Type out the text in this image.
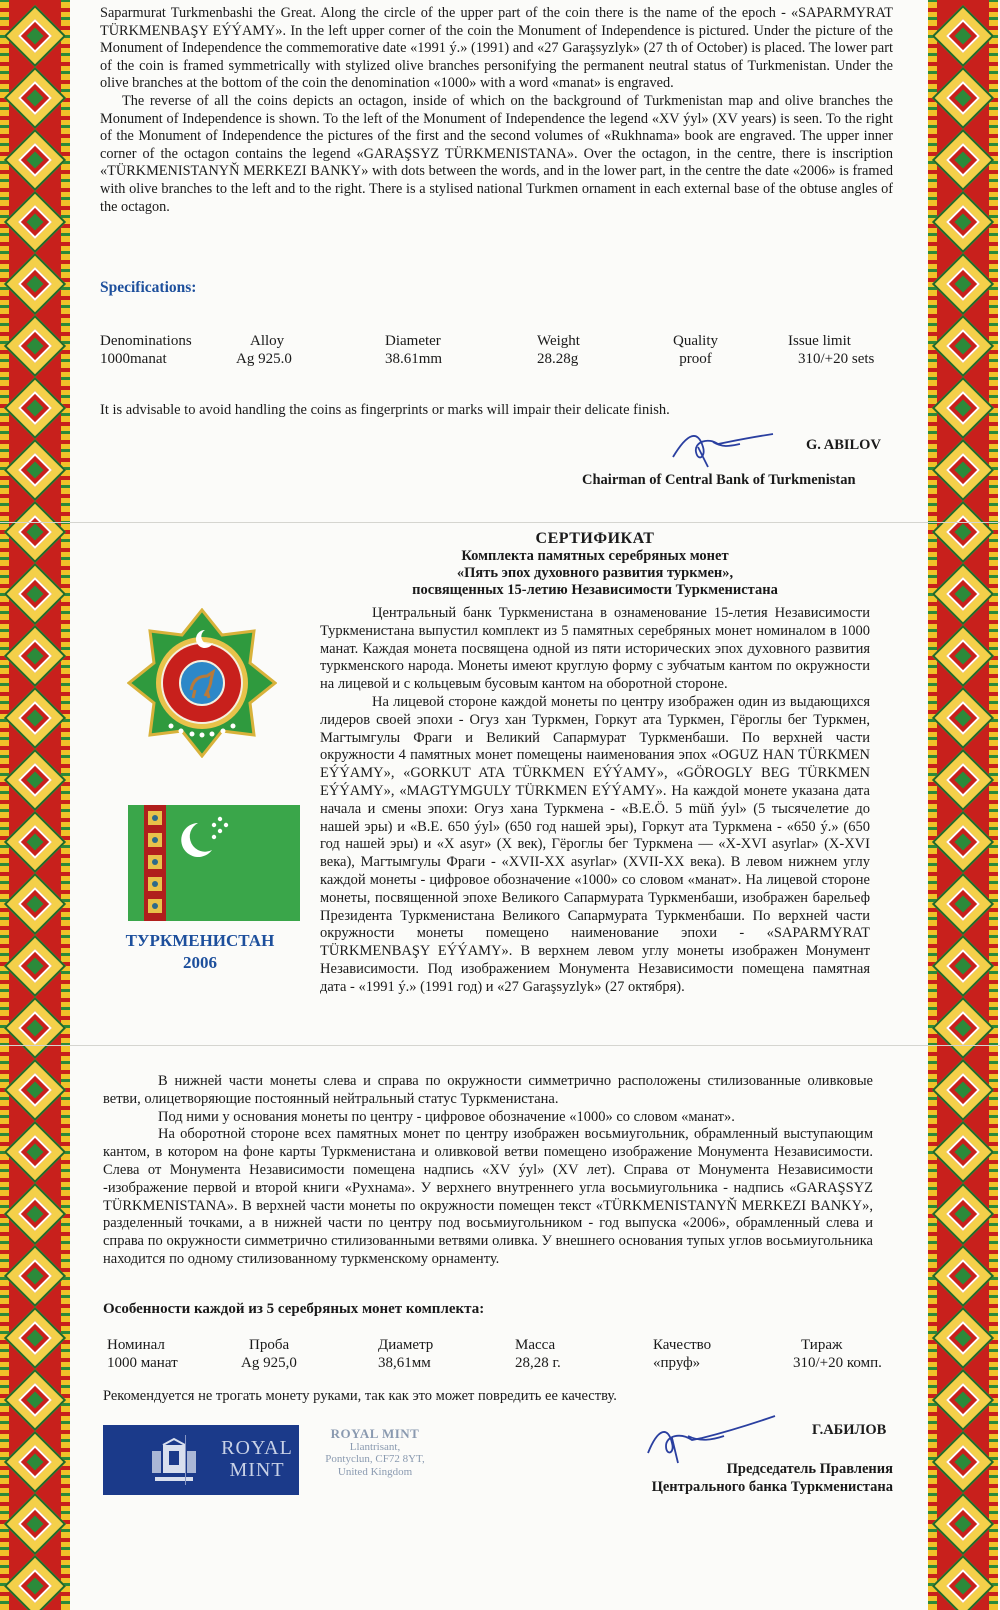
Saparmurat Turkmenbashi the Great. Along the circle of the upper part of the coin there is the name of the epoch - «SAPARMYRAT TÜRKMENBAŞY EÝÝAMY». In the left upper corner of the coin the Monument of Independence is pictured. Under the picture of the Monument of Independence the commemorative date «1991 ý.» (1991) and «27 Garaşsyzlyk» (27 th of October) is placed. The lower part of the coin is framed symmetrically with stylized olive branches personifying the permanent neutral status of Turkmenistan. Under the olive branches at the bottom of the coin the denomination «1000» with a word «manat» is engraved.

The reverse of all the coins depicts an octagon, inside of which on the background of Turkmenistan map and olive branches the Monument of Independence is shown. To the left of the Monument of Independence the legend «XV ýyl» (XV years) is seen. To the right of the Monument of Independence the pictures of the first and the second volumes of «Rukhnama» book are engraved. The upper inner corner of the octagon contains the legend «GARAŞSYZ TÜRKMENISTANA». Over the octagon, in the centre, there is inscription «TÜRKMENISTANYŇ MERKEZI BANKY» with dots between the words, and in the lower part, in the centre the date «2006» is framed with olive branches to the left and to the right. There is a stylised national Turkmen ornament in each external base of the obtuse angles of the octagon.

Specifications:
Denominations
1000manat
Alloy
Ag 925.0
Diameter
38.61mm
Weight
28.28g
Quality
proof
Issue limit
310/+20 sets
It is advisable to avoid handling the coins as fingerprints or marks will impair their delicate finish.
G. ABILOV
Chairman of Central Bank of Turkmenistan
СЕРТИФИКАТ
Комплекта памятных серебряных монет
«Пять эпох духовного развития туркмен»,
посвященных 15-летию Независимости Туркменистана
ТУРКМЕНИСТАН
2006

Центральный банк Туркменистана в ознаменование 15-летия Независимости Туркменистана выпустил комплект из 5 памятных серебряных монет номиналом в 1000 манат. Каждая монета посвящена одной из пяти исторических эпох духовного развития туркменского народа. Монеты имеют круглую форму с зубчатым кантом по окружности на лицевой и с кольцевым бусовым кантом на оборотной стороне.

На лицевой стороне каждой монеты по центру изображен один из выдающихся лидеров своей эпохи - Огуз хан Туркмен, Горкут ата Туркмен, Гёроглы бег Туркмен, Магтымгулы Фраги и Великий Сапармурат Туркменбаши. По верхней части окружности 4 памятных монет помещены наименования эпох «OGUZ HAN TÜRKMEN EÝÝAMY», «GORKUT ATA TÜRKMEN EÝÝAMY», «GÖROGLY BEG TÜRKMEN EÝÝAMY», «MAGTYMGULY TÜRKMEN EÝÝAMY». На каждой монете указана дата начала и смены эпохи: Огуз хана Туркмена - «B.E.Ö. 5 müň ýyl» (5 тысячелетие до нашей эры) и «B.E. 650 ýyl» (650 год нашей эры), Горкут ата Туркмена - «650 ý.» (650 год нашей эры) и «X asyr» (X век), Гёроглы бег Туркмена — «X-XVI asyrlar» (X-XVI века), Магтымгулы Фраги - «XVII-XX asyrlar» (XVII-XX века). В левом нижнем углу каждой монеты - цифровое обозначение «1000» со словом «манат». На лицевой стороне монеты, посвященной эпохе Великого Сапармурата Туркменбаши, изображен барельеф Президента Туркменистана Великого Сапармурата Туркменбаши. По верхней части окружности монеты помещено наименование эпохи - «SAPARMYRAT TÜRKMENBAŞY EÝÝAMY». В верхнем левом углу монеты изображен Монумент Независимости. Под изображением Монумента Независимости помещена памятная дата - «1991 ý.» (1991 год) и «27 Garaşsyzlyk» (27 октября).

В нижней части монеты слева и справа по окружности симметрично расположены стилизованные оливковые ветви, олицетворяющие постоянный нейтральный статус Туркменистана.

Под ними у основания монеты по центру - цифровое обозначение «1000» со словом «манат».

На оборотной стороне всех памятных монет по центру изображен восьмиугольник, обрамленный выступающим кантом, в котором на фоне карты Туркменистана и оливковой ветви помещено изображение Монумента Независимости. Слева от Монумента Независимости помещена надпись «XV ýyl» (XV лет). Справа от Монумента Независимости -изображение первой и второй книги «Рухнама». У верхнего внутреннего угла восьмиугольника - надпись «GARAŞSYZ TÜRKMENISTANA». В верхней части монеты по окружности помещен текст «TÜRKMENISTANYŇ MERKEZI BANKY», разделенный точками, а в нижней части по центру под восьмиугольником - год выпуска «2006», обрамленный слева и справа по окружности симметрично стилизованными ветвями оливка. У внешнего основания тупых углов восьмиугольника находится по одному стилизованному туркменскому орнаменту.

Особенности каждой из 5 серебряных монет комплекта:
Номинал
1000 манат
Проба
Ag 925,0
Диаметр
38,61мм
Масса
28,28 г.
Качество
«пруф»
Тираж
310/+20 комп.
Рекомендуется не трогать монету руками, так как это может повредить ее качеству.
ROYAL
MINT
ROYAL MINT
Llantrisant,
Pontyclun, CF72 8YT,
United Kingdom
Г.АБИЛОВ
Председатель Правления
Центрального банка Туркменистана
